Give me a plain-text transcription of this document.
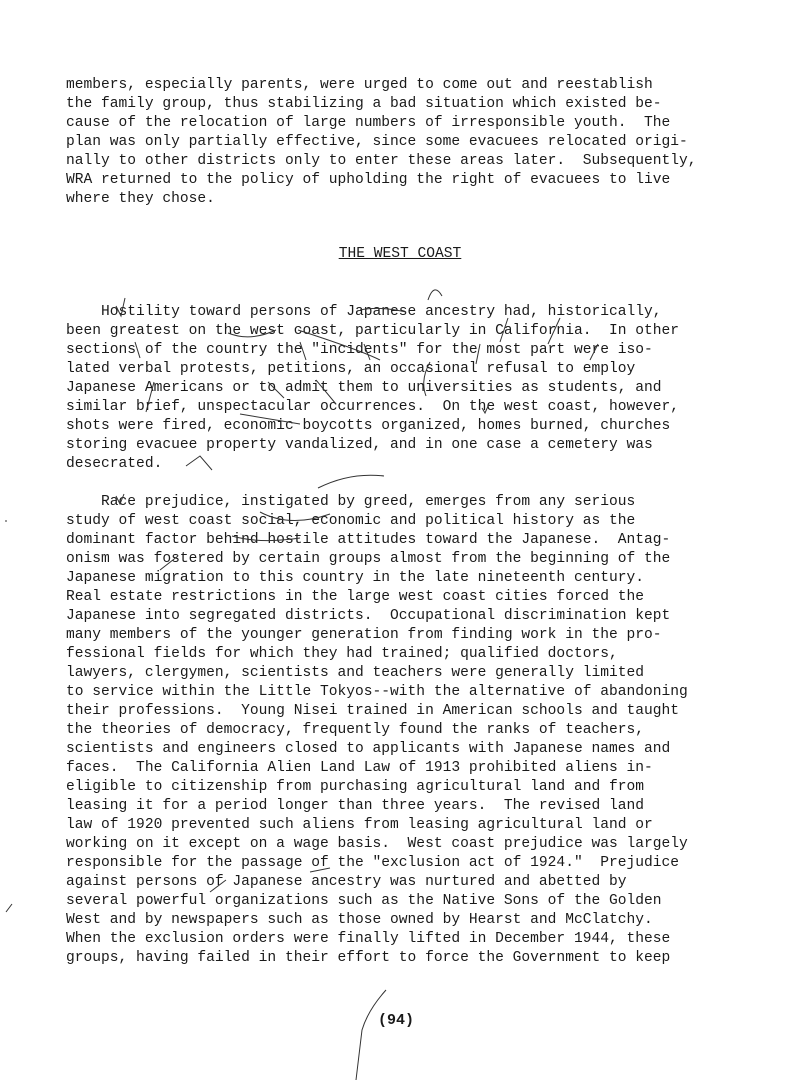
members, especially parents, were urged to come out and reestablish
the family group, thus stabilizing a bad situation which existed be-
cause of the relocation of large numbers of irresponsible youth.  The
plan was only partially effective, since some evacuees relocated origi-
nally to other districts only to enter these areas later.  Subsequently,
WRA returned to the policy of upholding the right of evacuees to live
where they chose.
THE WEST COAST
Hostility toward persons of Japanese ancestry had, historically,
been greatest on the west coast, particularly in California.  In other
sections of the country the "incidents" for the most part were iso-
lated verbal protests, petitions, an occasional refusal to employ
Japanese Americans or to admit them to universities as students, and
similar brief, unspectacular occurrences.  On the west coast, however,
shots were fired, economic boycotts organized, homes burned, churches
storing evacuee property vandalized, and in one case a cemetery was
desecrated.
Race prejudice, instigated by greed, emerges from any serious
study of west coast social, economic and political history as the
dominant factor behind hostile attitudes toward the Japanese.  Antag-
onism was fostered by certain groups almost from the beginning of the
Japanese migration to this country in the late nineteenth century.
Real estate restrictions in the large west coast cities forced the
Japanese into segregated districts.  Occupational discrimination kept
many members of the younger generation from finding work in the pro-
fessional fields for which they had trained; qualified doctors,
lawyers, clergymen, scientists and teachers were generally limited
to service within the Little Tokyos--with the alternative of abandoning
their professions.  Young Nisei trained in American schools and taught
the theories of democracy, frequently found the ranks of teachers,
scientists and engineers closed to applicants with Japanese names and
faces.  The California Alien Land Law of 1913 prohibited aliens in-
eligible to citizenship from purchasing agricultural land and from
leasing it for a period longer than three years.  The revised land
law of 1920 prevented such aliens from leasing agricultural land or
working on it except on a wage basis.  West coast prejudice was largely
responsible for the passage of the "exclusion act of 1924."  Prejudice
against persons of Japanese ancestry was nurtured and abetted by
several powerful organizations such as the Native Sons of the Golden
West and by newspapers such as those owned by Hearst and McClatchy.
When the exclusion orders were finally lifted in December 1944, these
groups, having failed in their effort to force the Government to keep
(94)
